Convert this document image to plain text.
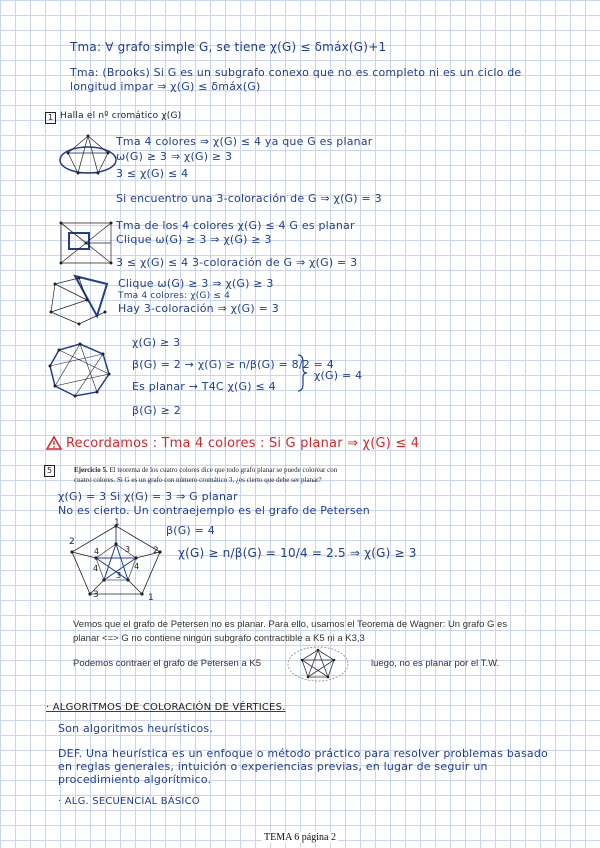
Tma: ∀ grafo simple G, se tiene χ(G) ≤ δmáx(G)+1
Tma: (Brooks) Si G es un subgrafo conexo que no es completo ni es un ciclo de
longitud impar ⇒ χ(G) ≤ δmáx(G)
1 Halla el nº cromático χ(G)
Tma 4 colores ⇒ χ(G) ≤ 4 ya que G es planar
ω(G) ≥ 3 ⇒ χ(G) ≥ 3
3 ≤ χ(G) ≤ 4
Si encuentro una 3-coloración de G ⇒ χ(G) = 3
Tma de los 4 colores χ(G) ≤ 4 G es planar
Clique ω(G) ≥ 3 ⇒ χ(G) ≥ 3
3 ≤ χ(G) ≤ 4 3-coloración de G ⇒ χ(G) = 3
Clique ω(G) ≥ 3 ⇒ χ(G) ≥ 3
Tma 4 colores: χ(G) ≤ 4
Hay 3-coloración ⇒ χ(G) = 3
χ(G) ≥ 3
β(G) = 2 → χ(G) ≥ n/β(G) = 8/2 = 4
Es planar → T4C χ(G) ≤ 4
β(G) ≥ 2
χ(G) = 4
Recordamos : Tma 4 colores : Si G planar ⇒ χ(G) ≤ 4
5	Ejercicio 5. El teorema de los cuatro colores dice que todo grafo planar se puede colorear con
cuatro colores. Si G es un grafo con número cromático 3, ¿es cierto que debe ser planar?
χ(G) = 3 Si χ(G) = 3 ⇒ G planar
No es cierto. Un contraejemplo es el grafo de Petersen
2
1
4	2
3
4
4
3
1
3
β(G) = 4
χ(G) ≥ n/β(G) = 10/4 = 2.5 ⇒ χ(G) ≥ 3
Vemos que el grafo de Petersen no es planar. Para ello, usamos el Teorema de Wagner: Un grafo G es
planar <=> G no contiene ningún subgrafo contractible a K5 ni a K3,3
Podemos contraer el grafo de Petersen a K5	luego, no es planar por el T.W.
· ALGORITMOS DE COLORACIÓN DE VÉRTICES.
Son algoritmos heurísticos.
DEF. Una heurística es un enfoque o método práctico para resolver problemas basado
en reglas generales, intuición o experiencias previas, en lugar de seguir un
procedimiento algorítmico.
· ALG. SECUENCIAL BÁSICO
TEMA 6 página 2
